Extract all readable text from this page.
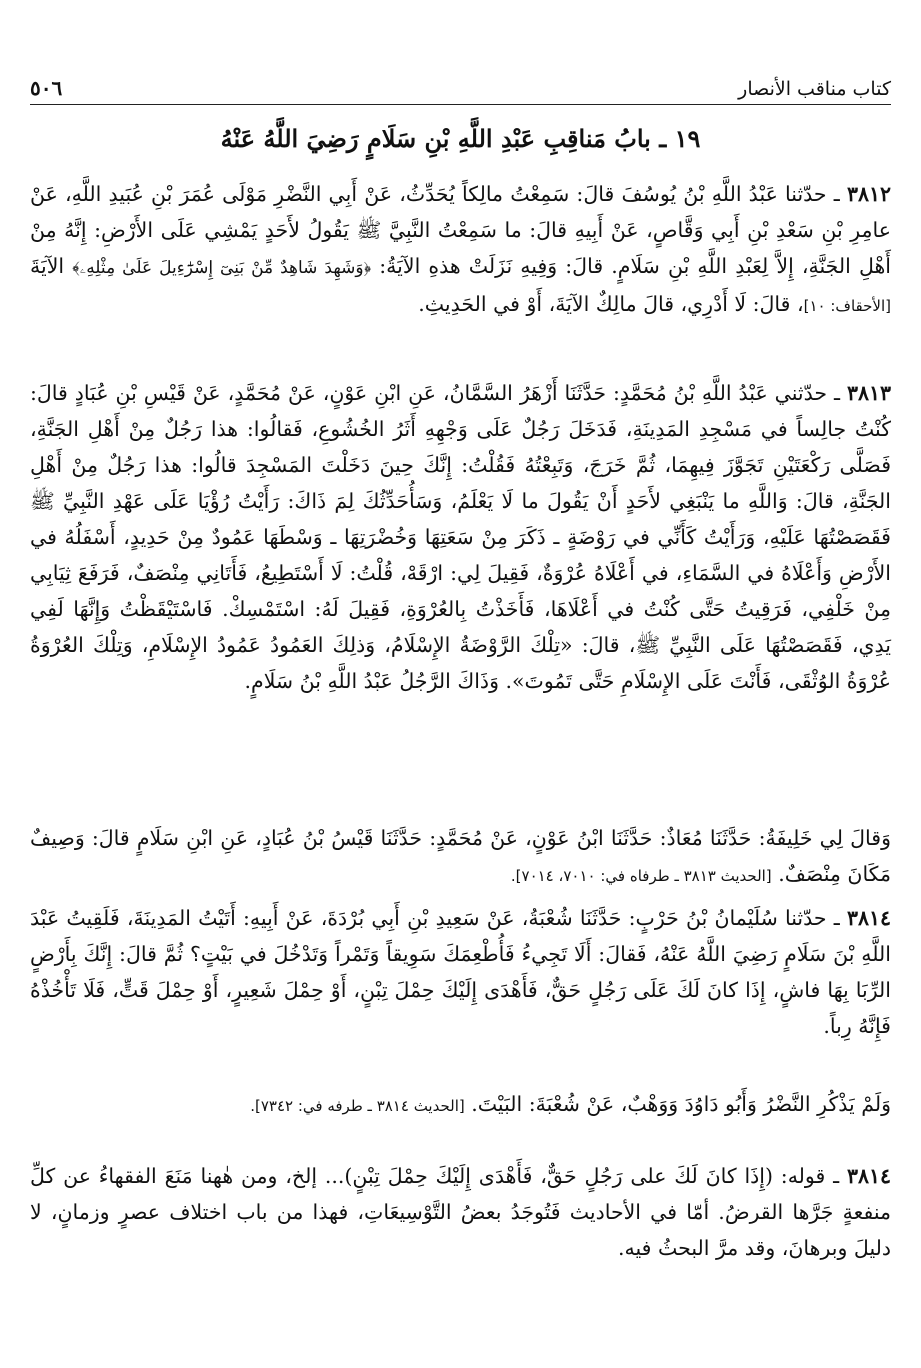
كتاب مناقب الأنصار
٥٠٦
١٩ ـ بابُ مَناقِبِ عَبْدِ اللَّهِ بْنِ سَلَامٍ رَضِيَ اللَّهُ عَنْهُ

٣٨١٢ ـ حدّثنا عَبْدُ اللَّهِ بْنُ يُوسُفَ قالَ: سَمِعْتُ مالِكاً يُحَدِّثُ، عَنْ أَبِي النَّضْرِ مَوْلَى عُمَرَ بْنِ عُبَيدِ اللَّهِ، عَنْ عامِرِ بْنِ سَعْدِ بْنِ أَبِي وَقَّاصٍ، عَنْ أَبِيهِ قالَ: ما سَمِعْتُ النَّبِيَّ ﷺ يَقُولُ لأَحَدٍ يَمْشِي عَلَى الأَرْضِ: إِنَّهُ مِنْ أَهْلِ الجَنَّةِ، إِلاَّ لِعَبْدِ اللَّهِ بْنِ سَلَامٍ. قالَ: وَفِيهِ نَزَلَتْ هذهِ الآيَةُ: ﴿وَشَهِدَ شَاهِدٌ مِّنْ بَنِىٓ إِسْرَٰٓءِيلَ عَلَىٰ مِثْلِهِۦ﴾ الآيَةَ [الأحقاف: ١٠]، قالَ: لَا أَدْرِي، قالَ مالِكٌ الآيَةَ، أَوْ في الحَدِيثِ.

٣٨١٣ ـ حدّثني عَبْدُ اللَّهِ بْنُ مُحَمَّدٍ: حَدَّثَنَا أَزْهَرُ السَّمَّانُ، عَنِ ابْنِ عَوْنٍ، عَنْ مُحَمَّدٍ، عَنْ قَيْسِ بْنِ عُبَادٍ قالَ: كُنْتُ جالِساً في مَسْجِدِ المَدِينَةِ، فَدَخَلَ رَجُلٌ عَلَى وَجْهِهِ أَثَرُ الخُشُوعِ، فَقالُوا: هذا رَجُلٌ مِنْ أَهْلِ الجَنَّةِ، فَصَلَّى رَكْعَتَيْنِ تَجَوَّزَ فِيهِمَا، ثُمَّ خَرَجَ، وَتَبِعْتُهُ فَقُلْتُ: إِنَّكَ حِينَ دَخَلْتَ المَسْجِدَ قالُوا: هذا رَجُلٌ مِنْ أَهْلِ الجَنَّةِ، قالَ: وَاللَّهِ ما يَنْبَغِي لأَحَدٍ أَنْ يَقُولَ ما لَا يَعْلَمُ، وَسَأُحَدِّثُكَ لِمَ ذَاكَ: رَأَيْتُ رُؤْيَا عَلَى عَهْدِ النَّبِيِّ ﷺ فَقَصَصْتُهَا عَلَيْهِ، وَرَأَيْتُ كَأَنِّي في رَوْضَةٍ ـ ذَكَرَ مِنْ سَعَتِهَا وَخُضْرَتِهَا ـ وَسْطَهَا عَمُودٌ مِنْ حَدِيدٍ، أَسْفَلُهُ في الأَرْضِ وَأَعْلَاهُ في السَّمَاءِ، في أَعْلَاهُ عُرْوَةٌ، فَقِيلَ لِي: ارْقَهْ، قُلْتُ: لَا أَسْتَطِيعُ، فَأَتَانِي مِنْصَفٌ، فَرَفَعَ ثِيَابِي مِنْ خَلْفِي، فَرَقِيتُ حَتَّى كُنْتُ في أَعْلَاهَا، فَأَخَذْتُ بِالعُرْوَةِ، فَقِيلَ لَهُ: اسْتَمْسِكْ. فَاسْتَيْقَظْتُ وَإِنَّهَا لَفِي يَدِي، فَقَصَصْتُهَا عَلَى النَّبِيِّ ﷺ، قالَ: «تِلْكَ الرَّوْضَةُ الإِسْلَامُ، وَذلِكَ العَمُودُ عَمُودُ الإِسْلَامِ، وَتِلْكَ العُرْوَةُ عُرْوَةُ الوُثْقَى، فَأَنْتَ عَلَى الإِسْلَامِ حَتَّى تَمُوتَ». وَذَاكَ الرَّجُلُ عَبْدُ اللَّهِ بْنُ سَلَامٍ.

وَقالَ لِي خَلِيفَةُ: حَدَّثَنَا مُعَاذٌ: حَدَّثَنَا ابْنُ عَوْنٍ، عَنْ مُحَمَّدٍ: حَدَّثَنَا قَيْسُ بْنُ عُبَادٍ، عَنِ ابْنِ سَلَامٍ قالَ: وَصِيفٌ مَكَانَ مِنْصَفٌ. [الحديث ٣٨١٣ ـ طرفاه في: ٧٠١٠، ٧٠١٤].

٣٨١٤ ـ حدّثنا سُلَيْمانُ بْنُ حَرْبٍ: حَدَّثَنَا شُعْبَةُ، عَنْ سَعِيدِ بْنِ أَبِي بُرْدَةَ، عَنْ أَبِيهِ: أَتَيْتُ المَدِينَةَ، فَلَقِيتُ عَبْدَ اللَّهِ بْنَ سَلَامٍ رَضِيَ اللَّهُ عَنْهُ، فَقالَ: أَلَا تَجِيءُ فَأُطْعِمَكَ سَوِيقاً وَتَمْراً وَتَدْخُلَ في بَيْتٍ؟ ثُمَّ قالَ: إِنَّكَ بِأَرْضٍ الرِّبَا بِهَا فاشٍ، إِذَا كانَ لَكَ عَلَى رَجُلٍ حَقٌّ، فَأَهْدَى إِلَيْكَ حِمْلَ تِبْنٍ، أَوْ حِمْلَ شَعِيرٍ، أَوْ حِمْلَ قَتٍّ، فَلَا تَأْخُذْهُ فَإِنَّهُ رِباً.

وَلَمْ يَذْكُرِ النَّضْرُ وَأَبُو دَاوُدَ وَوَهْبٌ، عَنْ شُعْبَةَ: البَيْتَ. [الحديث ٣٨١٤ ـ طرفه في: ٧٣٤٢].

٣٨١٤ ـ قوله: (إِذَا كانَ لَكَ على رَجُلٍ حَقٌّ، فَأَهْدَى إِلَيْكَ حِمْلَ تِبْنٍ)... إلخ، ومن هٰهنا مَنَعَ الفقهاءُ عن كلِّ منفعةٍ جَرَّها القرضُ. أمّا في الأحاديث فَتُوجَدُ بعضُ التَّوْسِيعَاتِ، فهذا من باب اختلاف عصرٍ وزمانٍ، لا دليلَ وبرهانَ، وقد مرَّ البحثُ فيه.
